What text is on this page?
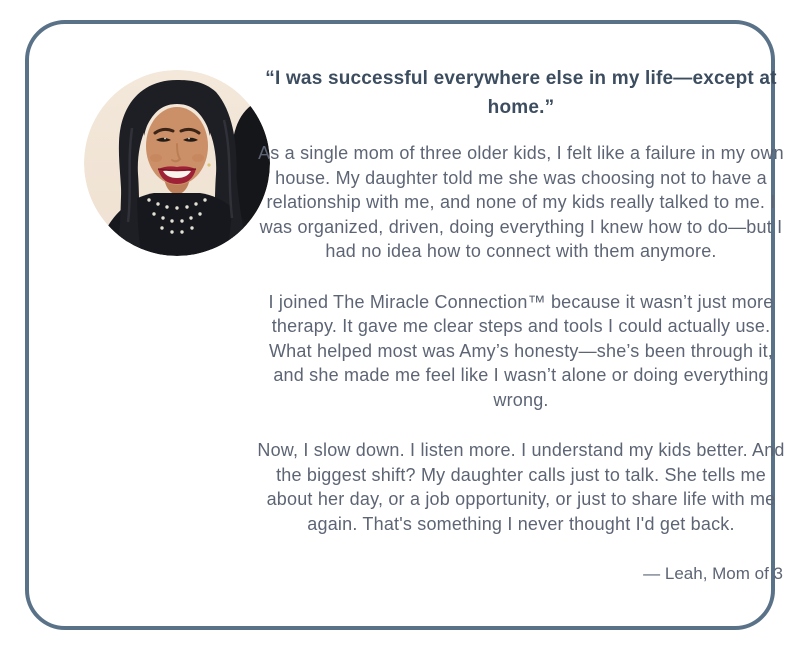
“I was successful everywhere else in my life—except at home.”

As a single mom of three older kids, I felt like a failure in my own house. My daughter told me she was choosing not to have a relationship with me, and none of my kids really talked to me. I was organized, driven, doing everything I knew how to do—but I had no idea how to connect with them anymore.

I joined The Miracle Connection™ because it wasn’t just more therapy. It gave me clear steps and tools I could actually use. What helped most was Amy’s honesty—she’s been through it, and she made me feel like I wasn’t alone or doing everything wrong.

Now, I slow down. I listen more. I understand my kids better. And the biggest shift? My daughter calls just to talk. She tells me about her day, or a job opportunity, or just to share life with me again. That's something I never thought I'd get back.

— Leah, Mom of 3
